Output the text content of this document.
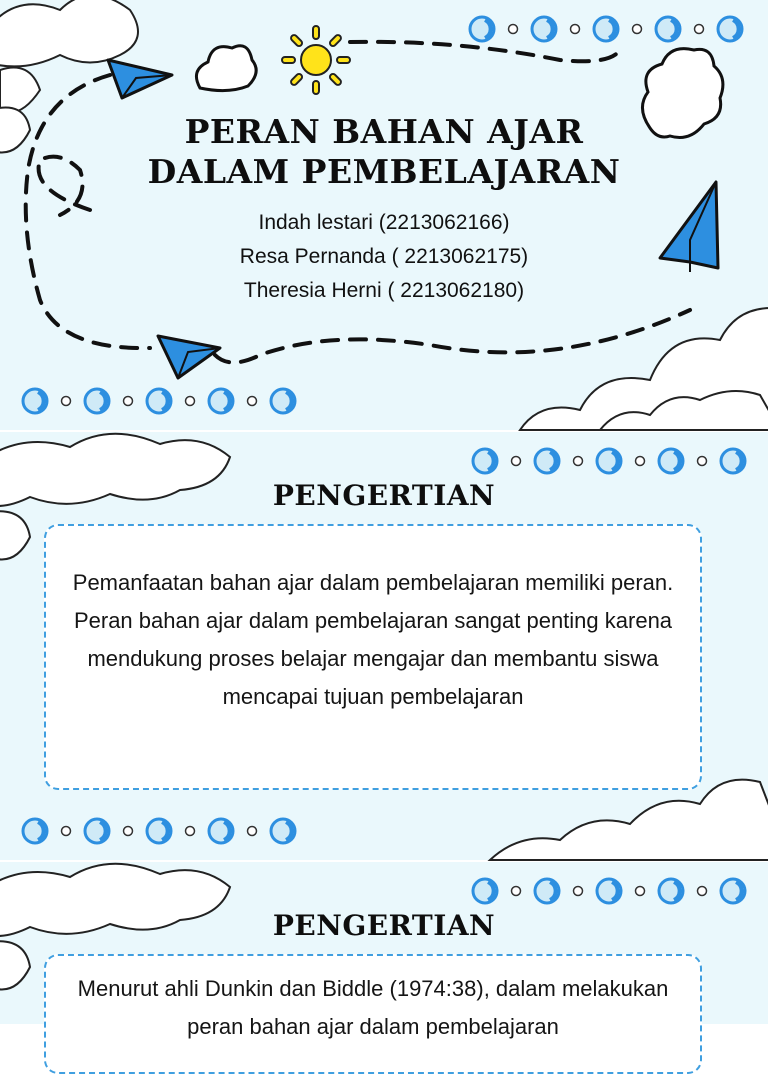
PERAN BAHAN AJAR
DALAM PEMBELAJARAN
Indah lestari (2213062166)
Resa Pernanda ( 2213062175)
Theresia Herni ( 2213062180)
PENGERTIAN

Pemanfaatan bahan ajar dalam pembelajaran memiliki peran. Peran bahan ajar dalam pembelajaran sangat penting karena mendukung proses belajar mengajar dan membantu siswa mencapai tujuan pembelajaran

PENGERTIAN

Menurut ahli Dunkin dan Biddle (1974:38), dalam melakukan peran bahan ajar dalam pembelajaran
